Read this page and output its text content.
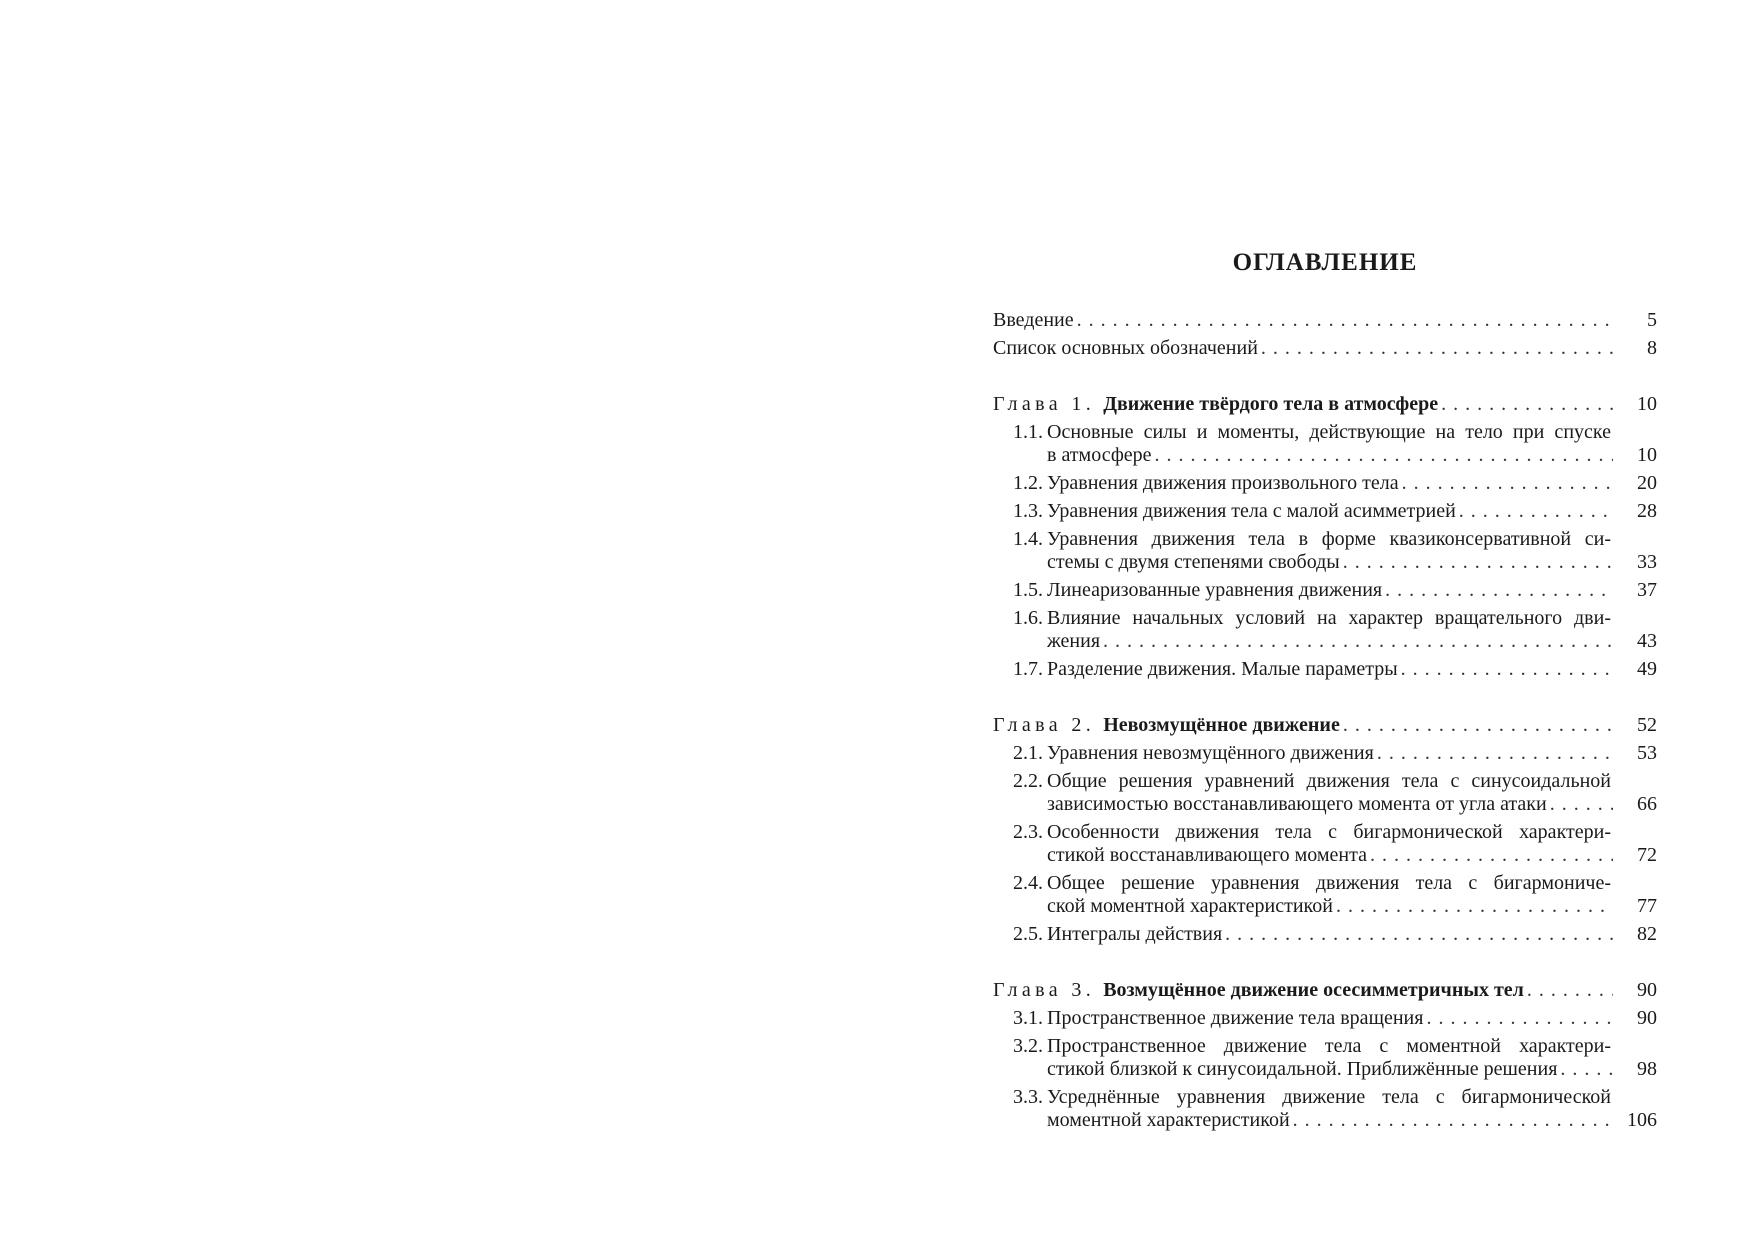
ОГЛАВЛЕНИЕ
Введение . . .	5
Список основных обозначений . . .	8
Глава 1. Движение твёрдого тела в атмосфере . . .	10
1.1. Основные силы и моменты, действующие на тело при спуске
в атмосфере . . .	10
1.2. Уравнения движения произвольного тела . . .	20
1.3. Уравнения движения тела с малой асимметрией . . .	28
1.4. Уравнения движения тела в форме квазиконсервативной си-
стемы с двумя степенями свободы . . .	33
1.5. Линеаризованные уравнения движения . . .	37
1.6. Влияние начальных условий на характер вращательного дви-
жения . . .	43
1.7. Разделение движения. Малые параметры . . .	49
Глава 2. Невозмущённое движение . . .	52
2.1. Уравнения невозмущённого движения . . .	53
2.2. Общие решения уравнений движения тела с синусоидальной
зависимостью восстанавливающего момента от угла атаки . . .	66
2.3. Особенности движения тела с бигармонической характери-
стикой восстанавливающего момента . . .	72
2.4. Общее решение уравнения движения тела с бигармониче-
ской моментной характеристикой . . .	77
2.5. Интегралы действия . . .	82
Глава 3. Возмущённое движение осесимметричных тел . . .	90
3.1. Пространственное движение тела вращения . . .	90
3.2. Пространственное движение тела с моментной характери-
стикой близкой к синусоидальной. Приближённые решения . . .	98
3.3. Усреднённые уравнения движение тела с бигармонической
моментной характеристикой . . .	106
